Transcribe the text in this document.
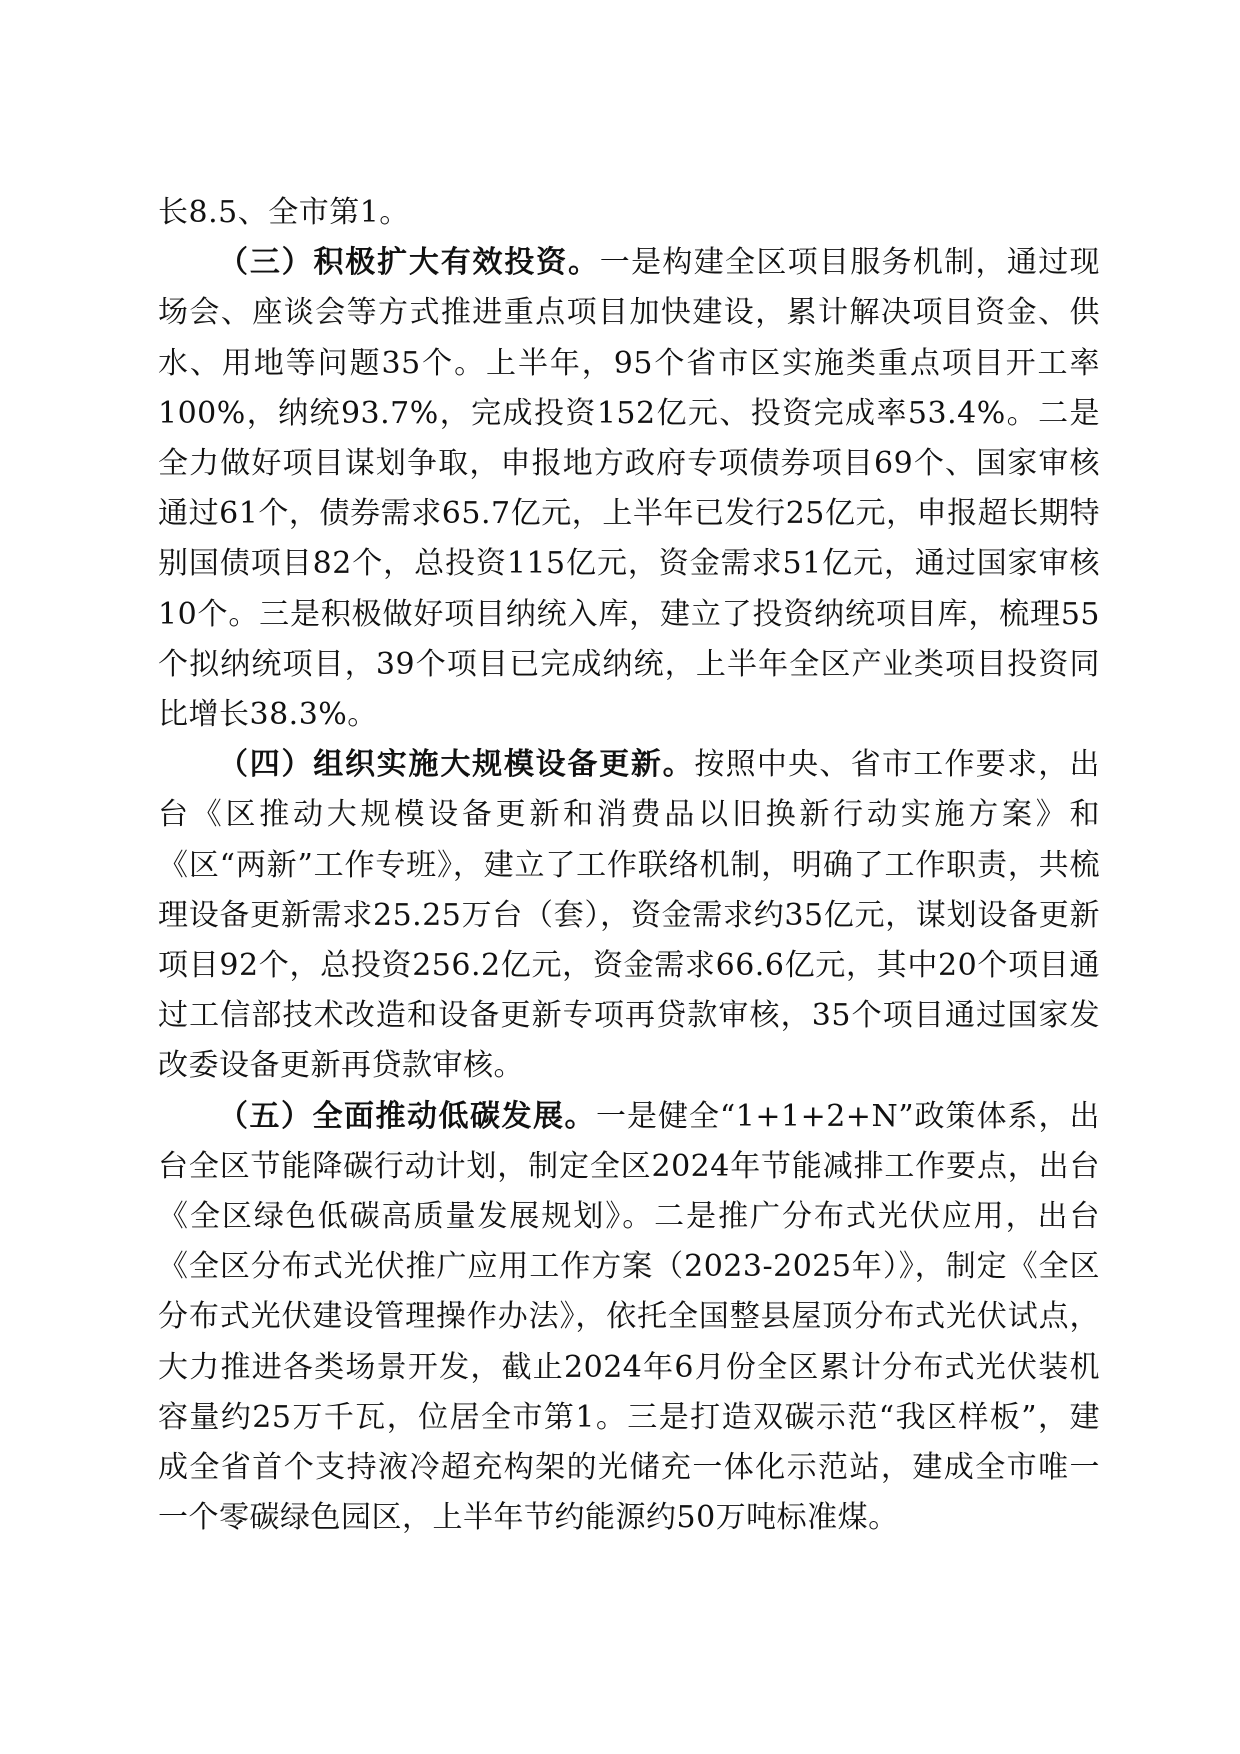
长8.5、全市第1。

（三）积极扩大有效投资。一是构建全区项目服务机制，通过现场会、座谈会等方式推进重点项目加快建设，累计解决项目资金、供水、用地等问题35个。上半年，95个省市区实施类重点项目开工率100%，纳统93.7%，完成投资152亿元、投资完成率53.4%。二是全力做好项目谋划争取，申报地方政府专项债券项目69个、国家审核通过61个，债券需求65.7亿元，上半年已发行25亿元，申报超长期特别国债项目82个，总投资115亿元，资金需求51亿元，通过国家审核10个。三是积极做好项目纳统入库，建立了投资纳统项目库，梳理55个拟纳统项目，39个项目已完成纳统，上半年全区产业类项目投资同比增长38.3%。

（四）组织实施大规模设备更新。按照中央、省市工作要求，出台《区推动大规模设备更新和消费品以旧换新行动实施方案》和《区“两新”工作专班》，建立了工作联络机制，明确了工作职责，共梳理设备更新需求25.25万台（套），资金需求约35亿元，谋划设备更新项目92个，总投资256.2亿元，资金需求66.6亿元，其中20个项目通过工信部技术改造和设备更新专项再贷款审核，35个项目通过国家发改委设备更新再贷款审核。

（五）全面推动低碳发展。一是健全“1+1+2+N”政策体系，出台全区节能降碳行动计划，制定全区2024年节能减排工作要点，出台《全区绿色低碳高质量发展规划》。二是推广分布式光伏应用，出台《全区分布式光伏推广应用工作方案（2023-2025年）》，制定《全区分布式光伏建设管理操作办法》，依托全国整县屋顶分布式光伏试点，大力推进各类场景开发，截止2024年6月份全区累计分布式光伏装机容量约25万千瓦，位居全市第1。三是打造双碳示范“我区样板”，建成全省首个支持液冷超充构架的光储充一体化示范站，建成全市唯一一个零碳绿色园区，上半年节约能源约50万吨标准煤。
